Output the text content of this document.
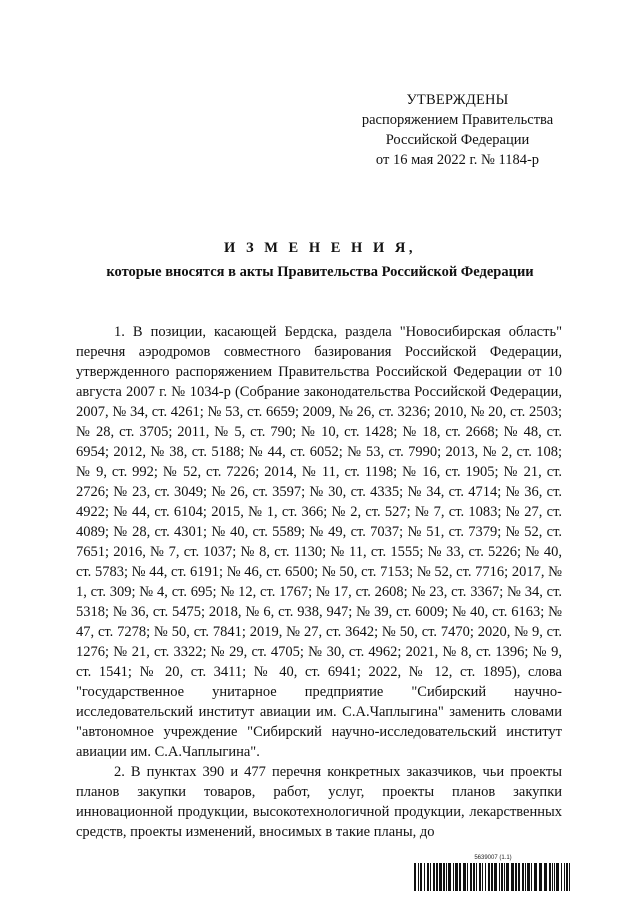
УТВЕРЖДЕНЫ
распоряжением Правительства
Российской Федерации
от 16 мая 2022 г. № 1184-р
И З М Е Н Е Н И Я,
которые вносятся в акты Правительства Российской Федерации

1. В позиции, касающей Бердска, раздела "Новосибирская область" перечня аэродромов совместного базирования Российской Федерации, утвержденного распоряжением Правительства Российской Федерации от 10 августа 2007 г. № 1034-р (Собрание законодательства Российской Федерации, 2007, № 34, ст. 4261; № 53, ст. 6659; 2009, № 26, ст. 3236; 2010, № 20, ст. 2503; № 28, ст. 3705; 2011, № 5, ст. 790; № 10, ст. 1428; № 18, ст. 2668; № 48, ст. 6954; 2012, № 38, ст. 5188; № 44, ст. 6052; № 53, ст. 7990; 2013, № 2, ст. 108; № 9, ст. 992; № 52, ст. 7226; 2014, № 11, ст. 1198; № 16, ст. 1905; № 21, ст. 2726; № 23, ст. 3049; № 26, ст. 3597; № 30, ст. 4335; № 34, ст. 4714; № 36, ст. 4922; № 44, ст. 6104; 2015, № 1, ст. 366; № 2, ст. 527; № 7, ст. 1083; № 27, ст. 4089; № 28, ст. 4301; № 40, ст. 5589; № 49, ст. 7037; № 51, ст. 7379; № 52, ст. 7651; 2016, № 7, ст. 1037; № 8, ст. 1130; № 11, ст. 1555; № 33, ст. 5226; № 40, ст. 5783; № 44, ст. 6191; № 46, ст. 6500; № 50, ст. 7153; № 52, ст. 7716; 2017, № 1, ст. 309; № 4, ст. 695; № 12, ст. 1767; № 17, ст. 2608; № 23, ст. 3367; № 34, ст. 5318; № 36, ст. 5475; 2018, № 6, ст. 938, 947; № 39, ст. 6009; № 40, ст. 6163; № 47, ст. 7278; № 50, ст. 7841; 2019, № 27, ст. 3642; № 50, ст. 7470; 2020, № 9, ст. 1276; № 21, ст. 3322; № 29, ст. 4705; № 30, ст. 4962; 2021, № 8, ст. 1396; № 9, ст. 1541; № 20, ст. 3411; № 40, ст. 6941; 2022, № 12, ст. 1895), слова "государственное унитарное предприятие "Сибирский научно-исследовательский институт авиации им. С.А.Чаплыгина" заменить словами "автономное учреждение "Сибирский научно-исследовательский институт авиации им. С.А.Чаплыгина".

2. В пунктах 390 и 477 перечня конкретных заказчиков, чьи проекты планов закупки товаров, работ, услуг, проекты планов закупки инновационной продукции, высокотехнологичной продукции, лекарственных средств, проекты изменений, вносимых в такие планы, до

5639007 (1.1)
